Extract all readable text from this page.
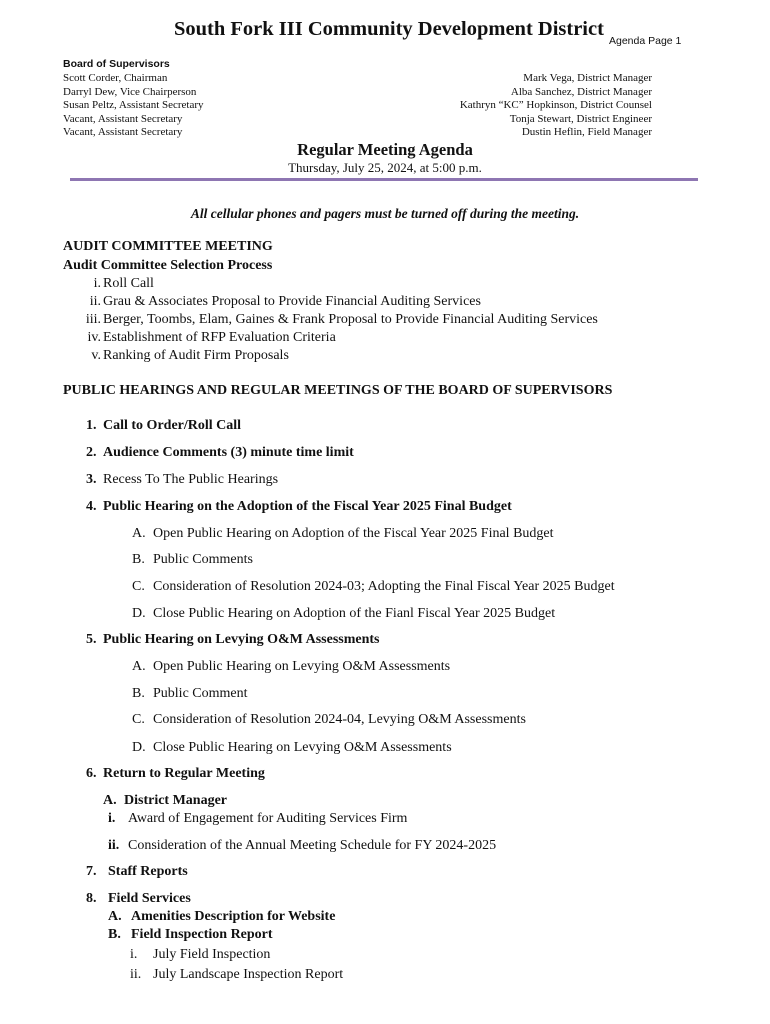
South Fork III Community Development District
Agenda Page 1
Board of Supervisors
Scott Corder, Chairman
Darryl Dew, Vice Chairperson
Susan Peltz, Assistant Secretary
Vacant, Assistant Secretary
Vacant, Assistant Secretary
Mark Vega, District Manager
Alba Sanchez, District Manager
Kathryn “KC” Hopkinson, District Counsel
Tonja Stewart, District Engineer
Dustin Heflin, Field Manager
Regular Meeting Agenda
Thursday, July 25, 2024, at 5:00 p.m.
All cellular phones and pagers must be turned off during the meeting.
AUDIT COMMITTEE MEETING
Audit Committee Selection Process
i. Roll Call
ii. Grau & Associates Proposal to Provide Financial Auditing Services
iii. Berger, Toombs, Elam, Gaines & Frank Proposal to Provide Financial Auditing Services
iv. Establishment of RFP Evaluation Criteria
v. Ranking of Audit Firm Proposals
PUBLIC HEARINGS AND REGULAR MEETINGS OF THE BOARD OF SUPERVISORS
1. Call to Order/Roll Call
2. Audience Comments (3) minute time limit
3. Recess To The Public Hearings
4. Public Hearing on the Adoption of the Fiscal Year 2025 Final Budget
A. Open Public Hearing on Adoption of the Fiscal Year 2025 Final Budget
B. Public Comments
C. Consideration of Resolution 2024-03; Adopting the Final Fiscal Year 2025 Budget
D. Close Public Hearing on Adoption of the Fianl Fiscal Year 2025 Budget
5. Public Hearing on Levying O&M Assessments
A. Open Public Hearing on Levying O&M Assessments
B. Public Comment
C. Consideration of Resolution 2024-04, Levying O&M Assessments
D. Close Public Hearing on Levying O&M Assessments
6. Return to Regular Meeting
A. District Manager
i. Award of Engagement for Auditing Services Firm
ii. Consideration of the Annual Meeting Schedule for FY 2024-2025
7. Staff Reports
8. Field Services
A. Amenities Description for Website
B. Field Inspection Report
i. July Field Inspection
ii. July Landscape Inspection Report
